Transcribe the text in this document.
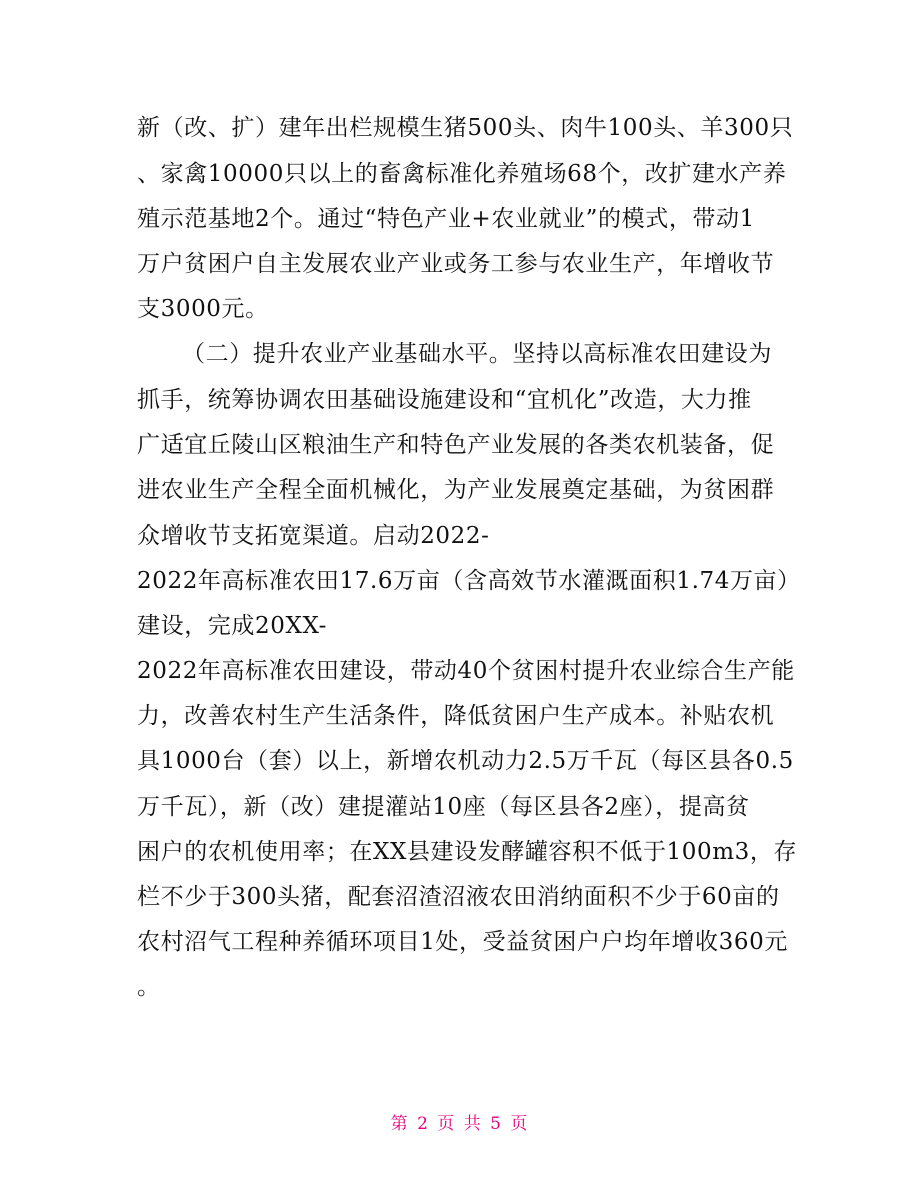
新（改、扩）建年出栏规模生猪500头、肉牛100头、羊300只
、家禽10000只以上的畜禽标准化养殖场68个，改扩建水产养
殖示范基地2个。通过“特色产业+农业就业”的模式，带动1
万户贫困户自主发展农业产业或务工参与农业生产，年增收节
支3000元。
（二）提升农业产业基础水平。坚持以高标准农田建设为
抓手，统筹协调农田基础设施建设和“宜机化”改造，大力推
广适宜丘陵山区粮油生产和特色产业发展的各类农机装备，促
进农业生产全程全面机械化，为产业发展奠定基础，为贫困群
众增收节支拓宽渠道。启动2022-
2022年高标准农田17.6万亩（含高效节水灌溉面积1.74万亩）
建设，完成20XX-
2022年高标准农田建设，带动40个贫困村提升农业综合生产能
力，改善农村生产生活条件，降低贫困户生产成本。补贴农机
具1000台（套）以上，新增农机动力2.5万千瓦（每区县各0.5
万千瓦），新（改）建提灌站10座（每区县各2座），提高贫
困户的农机使用率；在XX县建设发酵罐容积不低于100m3，存
栏不少于300头猪，配套沼渣沼液农田消纳面积不少于60亩的
农村沼气工程种养循环项目1处，受益贫困户户均年增收360元
。
第 2 页 共 5 页
